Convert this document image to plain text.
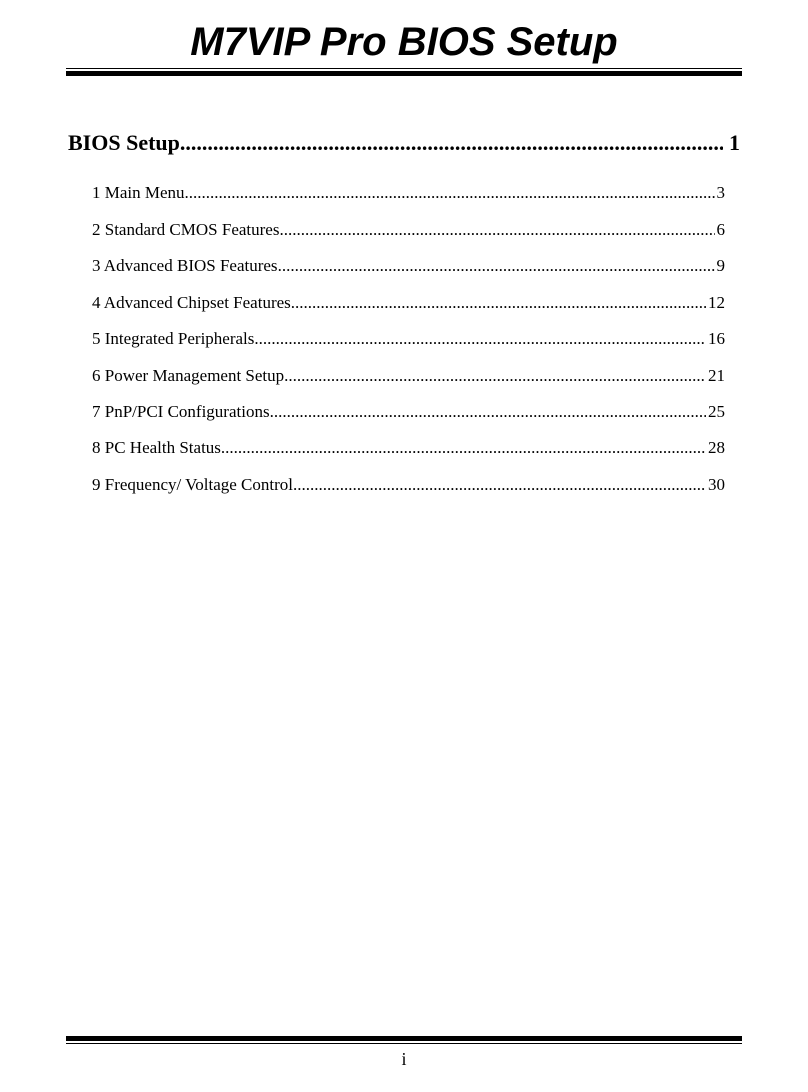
M7VIP Pro BIOS Setup
BIOS Setup .....	1
1 Main Menu .....	3
2 Standard CMOS Features .....	6
3 Advanced BIOS Features .....	9
4 Advanced Chipset Features .....	12
5 Integrated Peripherals .....	16
6 Power Management Setup .....	21
7 PnP/PCI Configurations .....	25
8 PC Health Status .....	28
9 Frequency/ Voltage Control .....	30
i
